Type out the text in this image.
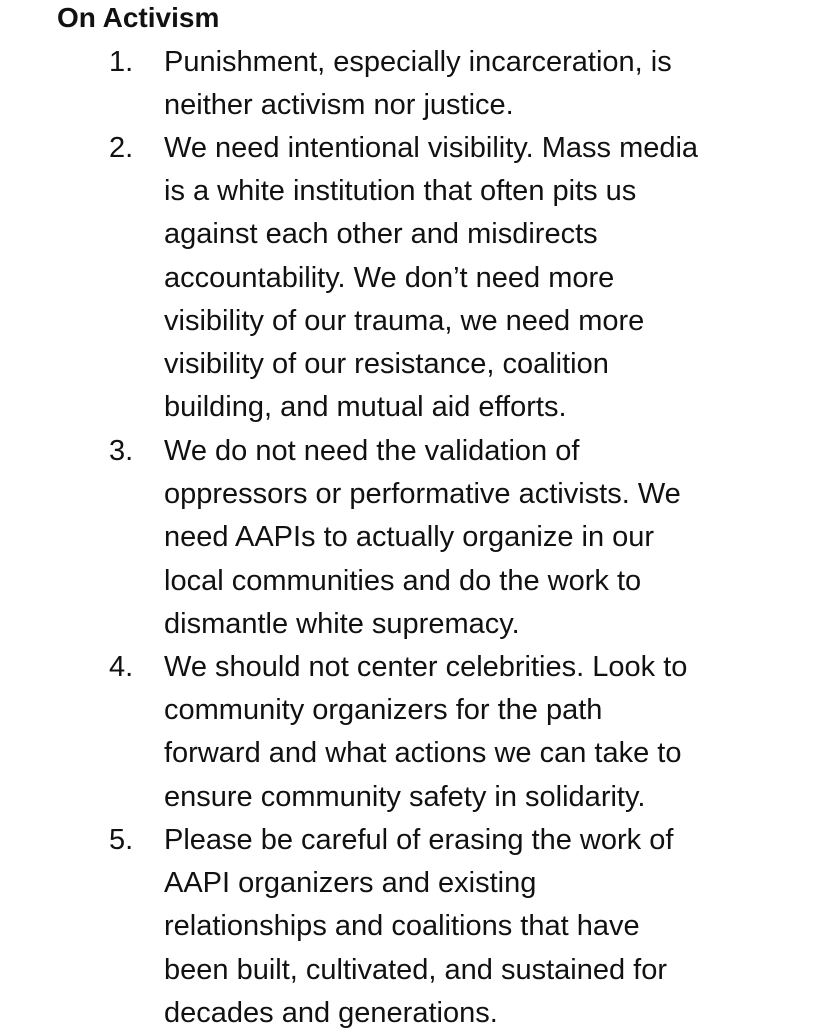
On Activism
1. Punishment, especially incarceration, is
neither activism nor justice.

2. We need intentional visibility. Mass media
is a white institution that often pits us
against each other and misdirects
accountability. We don’t need more
visibility of our trauma, we need more
visibility of our resistance, coalition
building, and mutual aid efforts.

3. We do not need the validation of
oppressors or performative activists. We
need AAPIs to actually organize in our
local communities and do the work to
dismantle white supremacy.

4. We should not center celebrities. Look to
community organizers for the path
forward and what actions we can take to
ensure community safety in solidarity.

5. Please be careful of erasing the work of
AAPI organizers and existing
relationships and coalitions that have
been built, cultivated, and sustained for
decades and generations.
